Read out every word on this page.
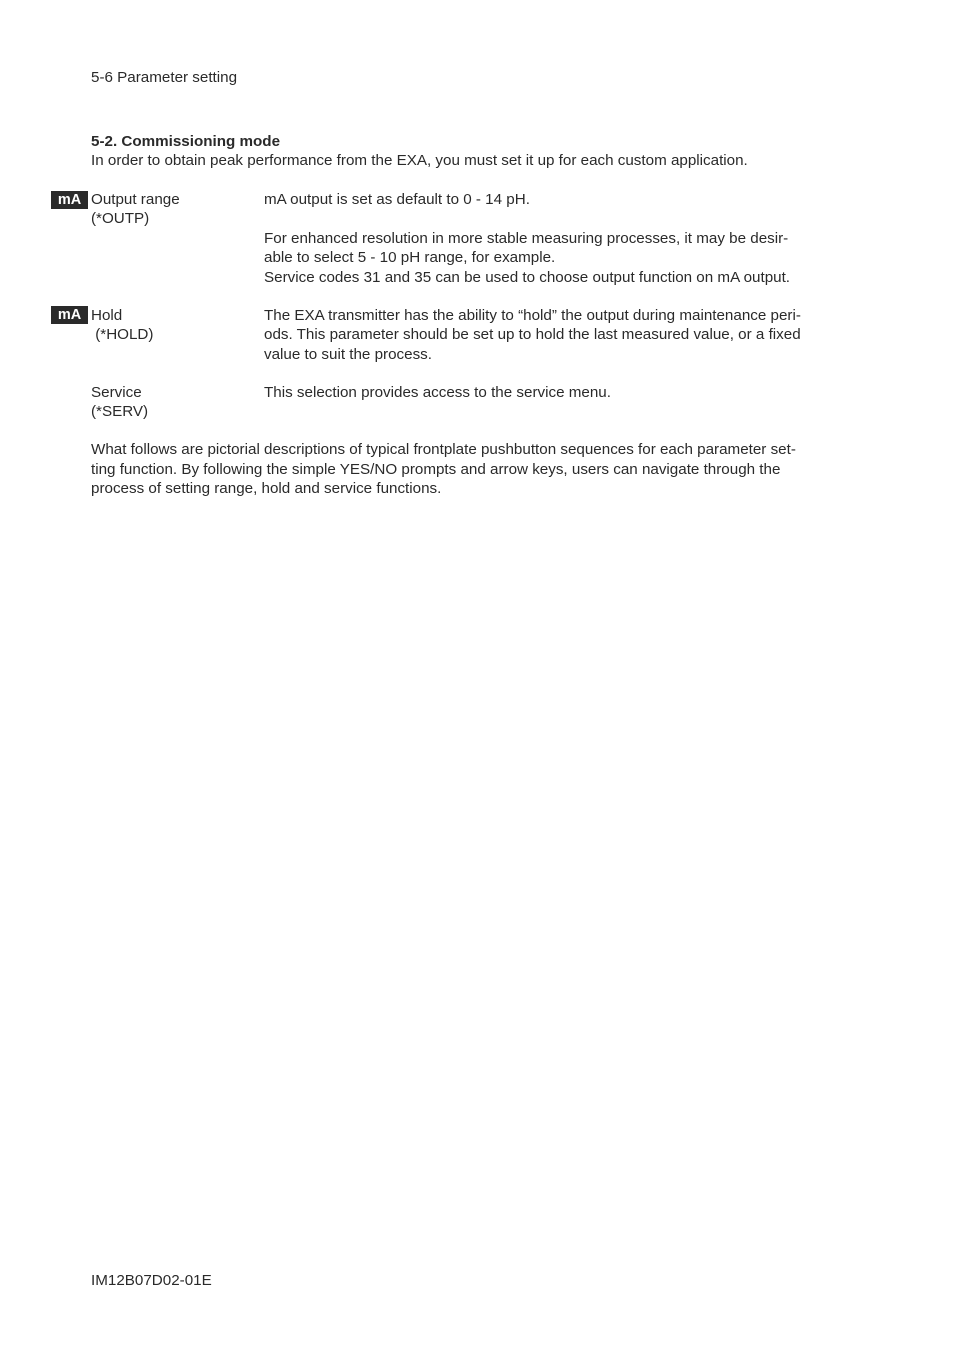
5-6 Parameter setting
5-2. Commissioning mode
In order to obtain peak performance from the EXA, you must set it up for each custom application.
mA Output range

(*OUTP)

mA output is set as default to 0 - 14 pH.

For enhanced resolution in more stable measuring processes, it may be desir-

able to select 5 - 10 pH range, for example.

Service codes 31 and 35 can be used to choose output function on mA output.

mA Hold

(*HOLD)

The EXA transmitter has the ability to “hold” the output during maintenance peri-

ods. This parameter should be set up to hold the last measured value, or a fixed

value to suit the process.

Service

(*SERV)

This selection provides access to the service menu.

What follows are pictorial descriptions of typical frontplate pushbutton sequences for each parameter set-

ting function. By following the simple YES/NO prompts and arrow keys, users can navigate through the

process of setting range, hold and service functions.

IM12B07D02-01E
